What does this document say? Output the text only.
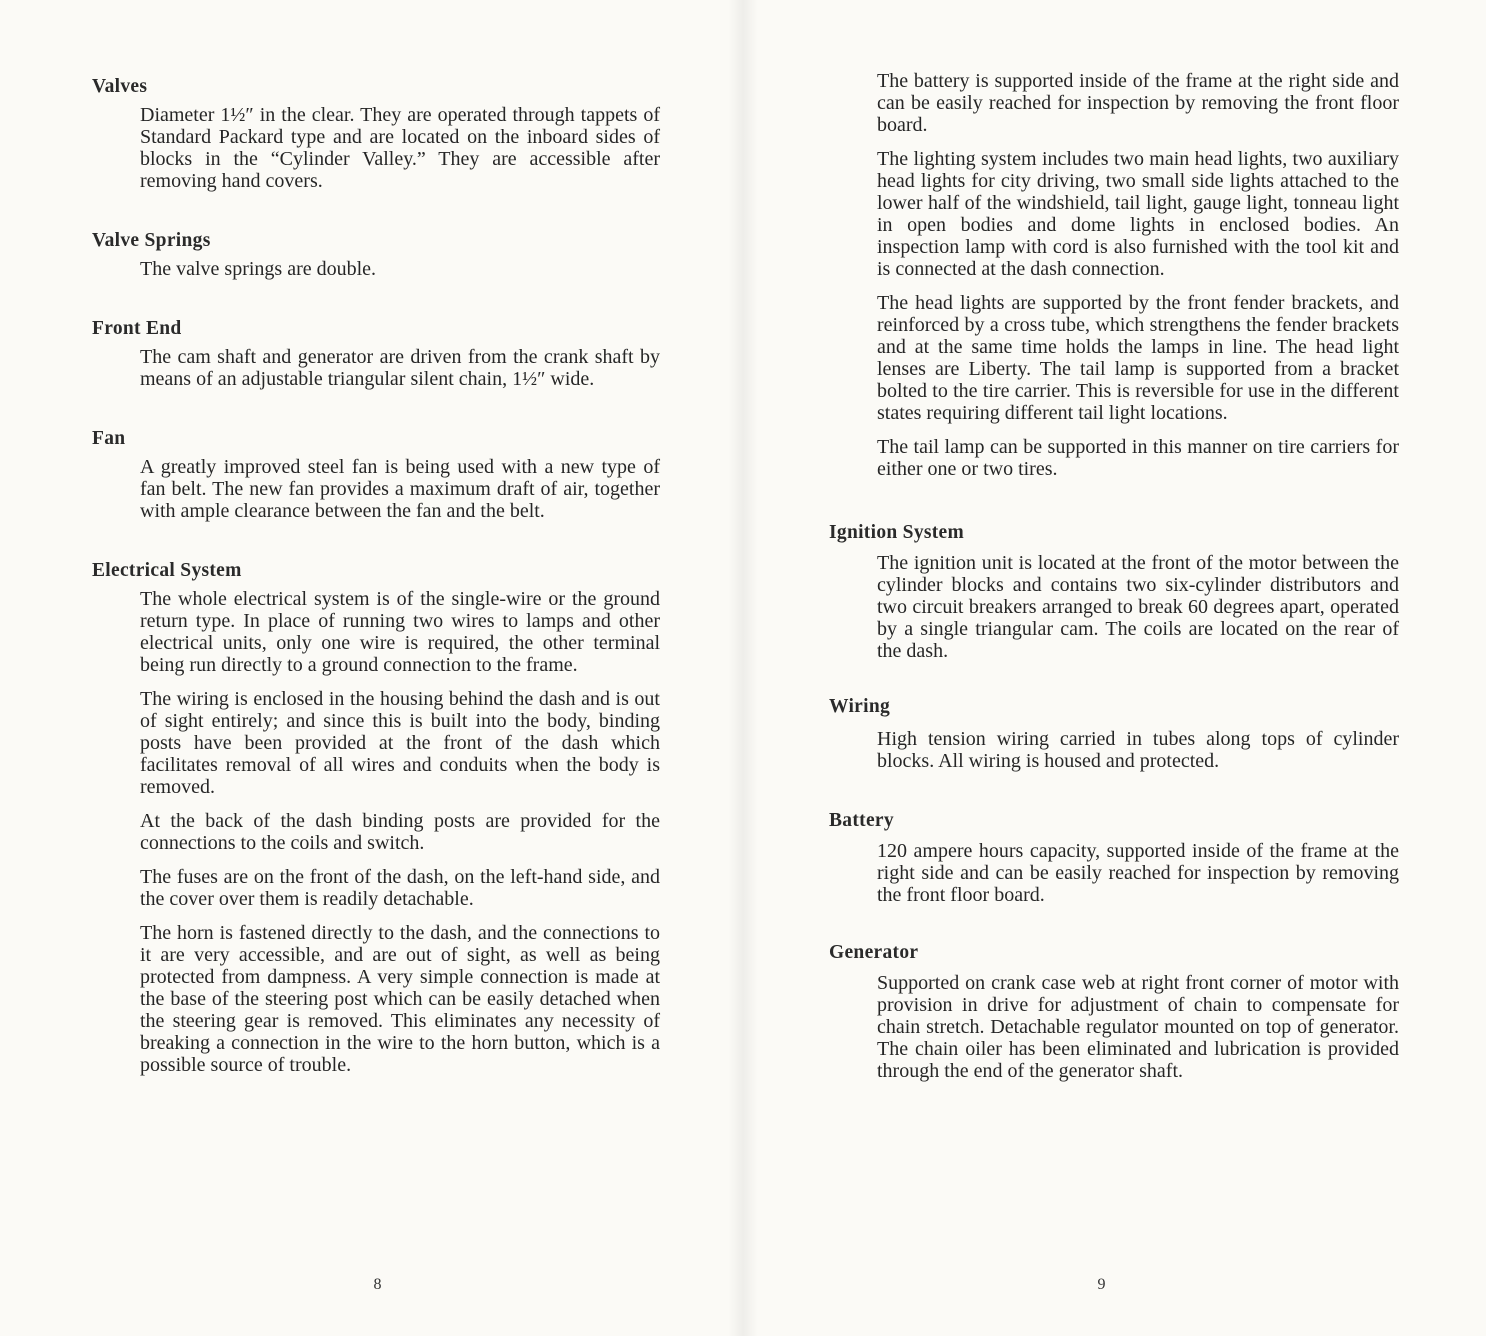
Valves

Diameter 1½″ in the clear. They are operated through tappets of Standard Packard type and are located on the inboard sides of blocks in the “Cylinder Valley.” They are accessible after removing hand covers.

Valve Springs

The valve springs are double.

Front End

The cam shaft and generator are driven from the crank shaft by means of an adjustable triangular silent chain, 1½″ wide.

Fan

A greatly improved steel fan is being used with a new type of fan belt. The new fan provides a maximum draft of air, together with ample clearance between the fan and the belt.

Electrical System

The whole electrical system is of the single-wire or the ground return type. In place of running two wires to lamps and other electrical units, only one wire is required, the other terminal being run directly to a ground connection to the frame.

The wiring is enclosed in the housing behind the dash and is out of sight entirely; and since this is built into the body, binding posts have been provided at the front of the dash which facilitates removal of all wires and conduits when the body is removed.

At the back of the dash binding posts are provided for the connections to the coils and switch.

The fuses are on the front of the dash, on the left-hand side, and the cover over them is readily detachable.

The horn is fastened directly to the dash, and the connections to it are very accessible, and are out of sight, as well as being protected from dampness. A very simple connection is made at the base of the steering post which can be easily detached when the steering gear is removed. This eliminates any necessity of breaking a connection in the wire to the horn button, which is a possible source of trouble.

8

The battery is supported inside of the frame at the right side and can be easily reached for inspection by removing the front floor board.

The lighting system includes two main head lights, two auxiliary head lights for city driving, two small side lights attached to the lower half of the windshield, tail light, gauge light, tonneau light in open bodies and dome lights in enclosed bodies. An inspection lamp with cord is also furnished with the tool kit and is connected at the dash connection.

The head lights are supported by the front fender brackets, and reinforced by a cross tube, which strengthens the fender brackets and at the same time holds the lamps in line. The head light lenses are Liberty. The tail lamp is supported from a bracket bolted to the tire carrier. This is reversible for use in the different states requiring different tail light locations.

The tail lamp can be supported in this manner on tire carriers for either one or two tires.

Ignition System

The ignition unit is located at the front of the motor between the cylinder blocks and contains two six-cylinder distributors and two circuit breakers arranged to break 60 degrees apart, operated by a single triangular cam. The coils are located on the rear of the dash.

Wiring

High tension wiring carried in tubes along tops of cylinder blocks. All wiring is housed and protected.

Battery

120 ampere hours capacity, supported inside of the frame at the right side and can be easily reached for inspection by removing the front floor board.

Generator

Supported on crank case web at right front corner of motor with provision in drive for adjustment of chain to compensate for chain stretch. Detachable regulator mounted on top of generator. The chain oiler has been eliminated and lubrication is provided through the end of the generator shaft.

9
